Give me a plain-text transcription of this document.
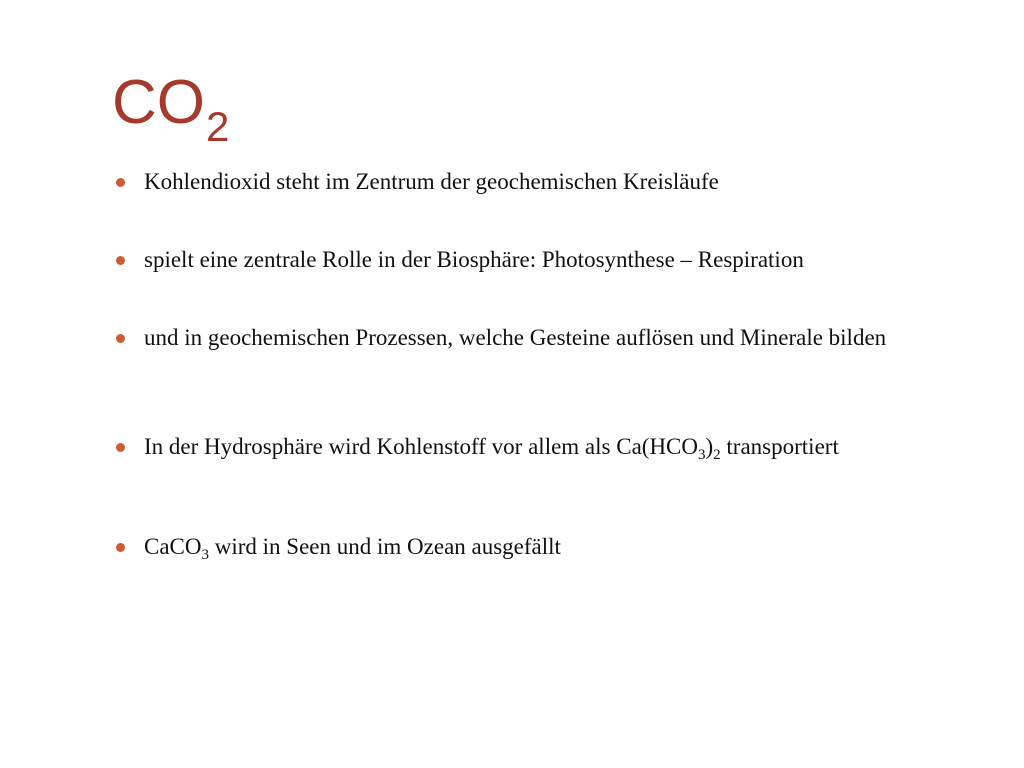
$CO_2$
Kohlendioxid steht im Zentrum der geochemischen Kreisläufe
spielt eine zentrale Rolle in der Biosphäre: Photosynthese – Respiration
und in geochemischen Prozessen, welche Gesteine auflösen und Minerale bilden
In der Hydrosphäre wird Kohlenstoff vor allem als $Ca(HCO_3)_2$ transportiert
CaCO$_3$ wird in Seen und im Ozean ausgefällt
